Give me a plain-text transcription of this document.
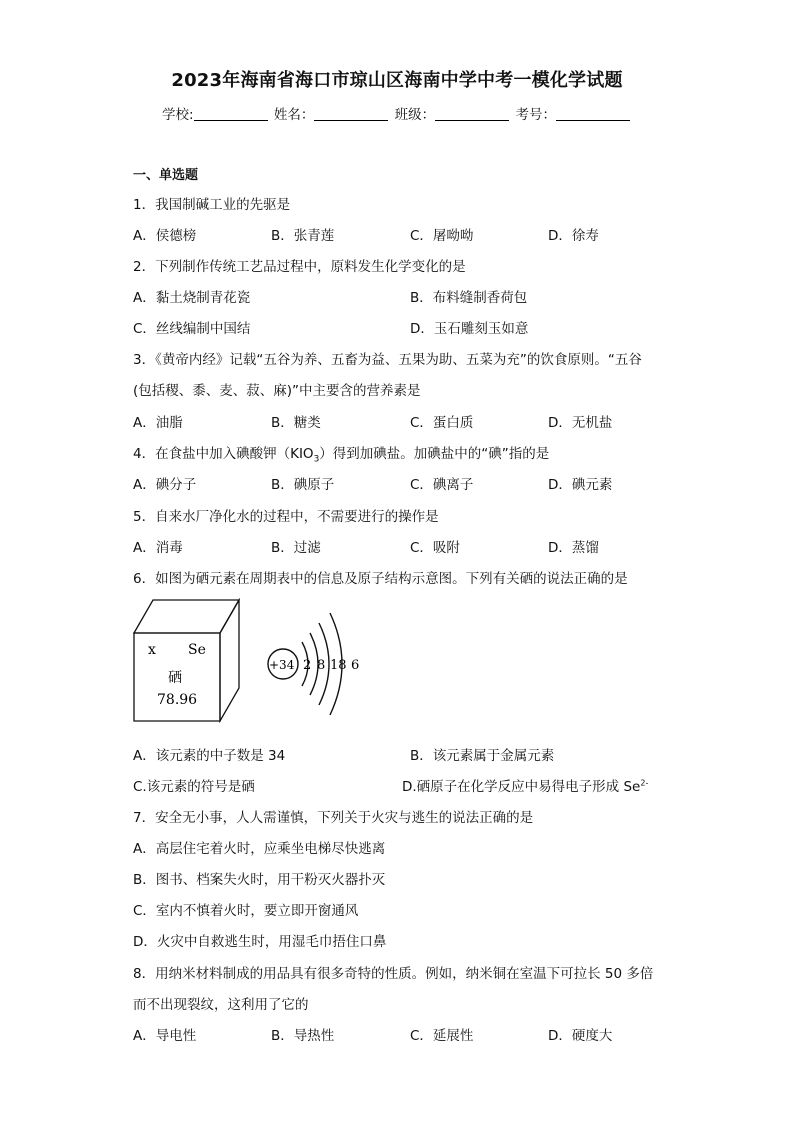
2023年海南省海口市琼山区海南中学中考一模化学试题
学校:	姓名：	班级：	考号：
一、单选题
1．我国制碱工业的先驱是
A．侯德榜	B．张青莲	C．屠呦呦	D．徐寿
2．下列制作传统工艺品过程中，原料发生化学变化的是
A．黏土烧制青花瓷	B．布料缝制香荷包
C．丝线编制中国结	D．玉石雕刻玉如意
3．《黄帝内经》记载“五谷为养、五畜为益、五果为助、五菜为充”的饮食原则。“五谷
(包括稷、黍、麦、菽、麻)”中主要含的营养素是
A．油脂	B．糖类	C．蛋白质	D．无机盐
4．在食盐中加入碘酸钾$(KIO_3)$得到加碘盐。加碘盐中的“碘”指的是
A．碘分子	B．碘原子	C．碘离子	D．碘元素
5．自来水厂净化水的过程中，不需要进行的操作是
A．消毒	B．过滤	C．吸附	D．蒸馏
6．如图为硒元素在周期表中的信息及原子结构示意图。下列有关硒的说法正确的是
x Se
硒
78.96
+34 2 8 18 6
A．该元素的中子数是 34	B．该元素属于金属元素
C.该元素的符号是硒	D.硒原子在化学反应中易得电子形成 $Se^{2-}$
7．安全无小事，人人需谨慎，下列关于火灾与逃生的说法正确的是
A．高层住宅着火时，应乘坐电梯尽快逃离
B．图书、档案失火时，用干粉灭火器扑灭
C．室内不慎着火时，要立即开窗通风
D．火灾中自救逃生时，用湿毛巾捂住口鼻
8．用纳米材料制成的用品具有很多奇特的性质。例如，纳米铜在室温下可拉长 50 多倍
而不出现裂纹，这利用了它的
A．导电性	B．导热性	C．延展性	D．硬度大
